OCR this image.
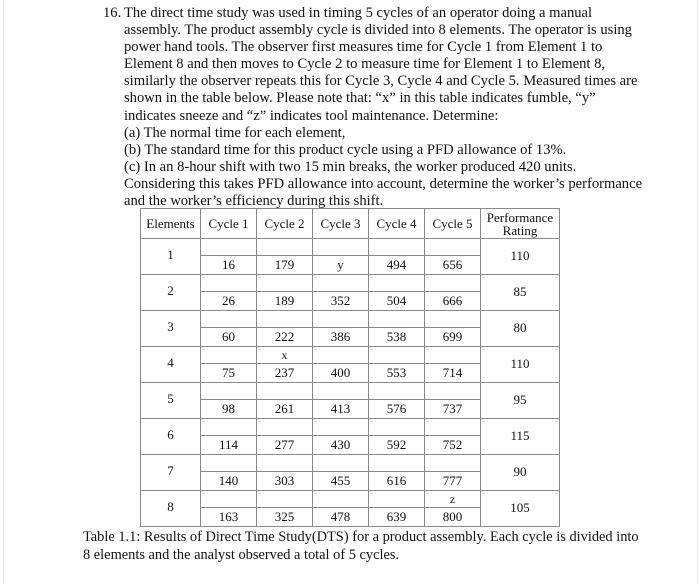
16. The direct time study was used in timing 5 cycles of an operator doing a manual
assembly. The product assembly cycle is divided into 8 elements. The operator is using
power hand tools. The observer first measures time for Cycle 1 from Element 1 to
Element 8 and then moves to Cycle 2 to measure time for Element 1 to Element 8,
similarly the observer repeats this for Cycle 3, Cycle 4 and Cycle 5. Measured times are
shown in the table below. Please note that: “x” in this table indicates fumble, “y”
indicates sneeze and “z” indicates tool maintenance. Determine:
(a) The normal time for each element,
(b) The standard time for this product cycle using a PFD allowance of 13%.
(c) In an 8-hour shift with two 15 min breaks, the worker produced 420 units.
Considering this takes PFD allowance into account, determine the worker’s performance
and the worker’s efficiency during this shift.
Elements	Cycle 1	Cycle 2	Cycle 3	Cycle 4	Cycle 5	Performance
Rating

1						110

	16	179	y	494	656	

2						85

	26	189	352	504	666	

3						80

	60	222	386	538	699	

4		x				110

	75	237	400	553	714	

5						95

	98	261	413	576	737	

6						115

	114	277	430	592	752	

7						90

	140	303	455	616	777	

8					z	105

	163	325	478	639	800	
Table 1.1: Results of Direct Time Study(DTS) for a product assembly. Each cycle is divided into
8 elements and the analyst observed a total of 5 cycles.
